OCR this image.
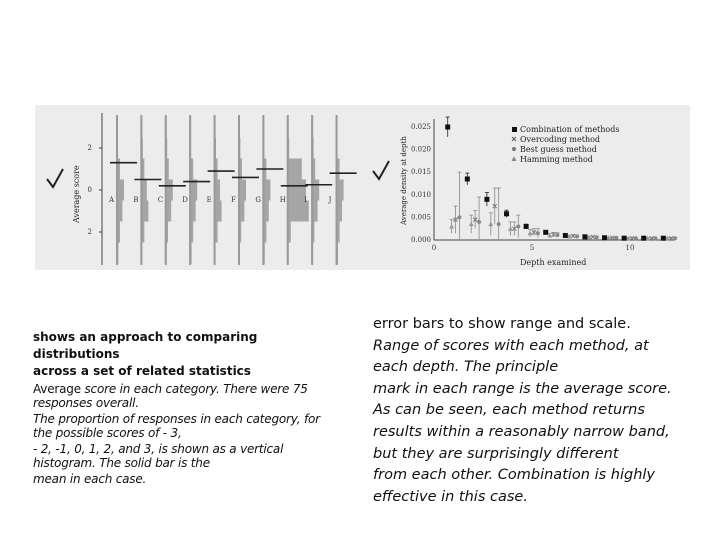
Average score
2
0
2
A	B	C	D	E	F	G	H	I	J	Average density at depth
Depth examined
0.025
0.020
0.015
0.010
0.005
0.000
0	5	10
Combination of methods
Overcoding method
Best guess method
Hamming method

shows an approach to comparing distributions

across a set of related statistics

Average score in each category. There were 75 responses overall.

The proportion of responses in each category, for the possible scores of - 3,

- 2, -1, 0, 1, 2, and 3, is shown as a vertical histogram. The solid bar is the

mean in each case.

error bars to show range and scale.

Range of scores with each method, at

each depth. The principle

mark in each range is the average score.

As can be seen, each method returns

results within a reasonably narrow band,

but they are surprisingly different

from each other. Combination is highly

effective in this case.
